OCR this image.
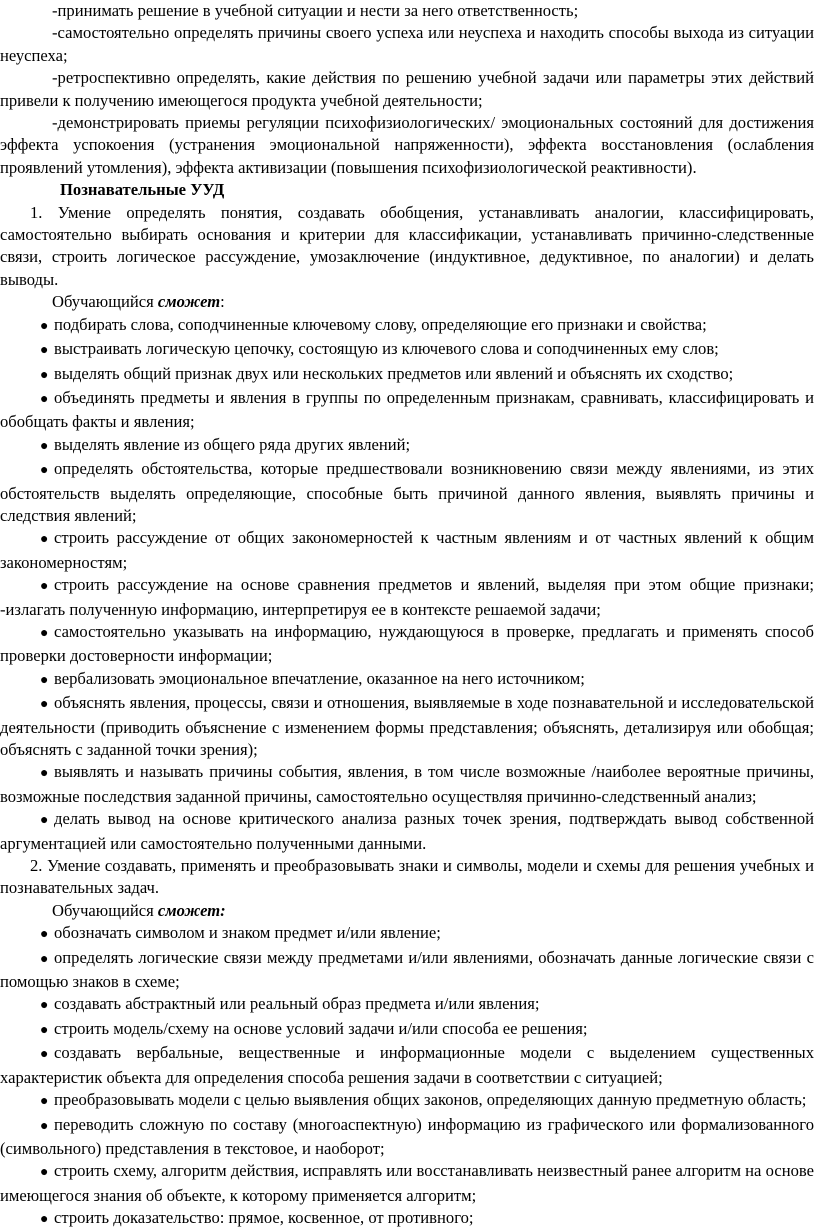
-принимать решение в учебной ситуации и нести за него ответственность;

-самостоятельно определять причины своего успеха или неуспеха и находить способы выхода из ситуации неуспеха;

-ретроспективно определять, какие действия по решению учебной задачи или параметры этих действий привели к получению имеющегося продукта учебной деятельности;

-демонстрировать приемы регуляции психофизиологических/ эмоциональных состояний для достижения эффекта успокоения (устранения эмоциональной напряженности), эффекта восстановления (ослабления проявлений утомления), эффекта активизации (повышения психофизиологической реактивности).

Познавательные УУД

1. Умение определять понятия, создавать обобщения, устанавливать аналогии, классифицировать, самостоятельно выбирать основания и критерии для классификации, устанавливать причинно-следственные связи, строить логическое рассуждение, умозаключение (индуктивное, дедуктивное, по аналогии) и делать выводы.

Обучающийся сможет:

● подбирать слова, соподчиненные ключевому слову, определяющие его признаки и свойства;

● выстраивать логическую цепочку, состоящую из ключевого слова и соподчиненных ему слов;

● выделять общий признак двух или нескольких предметов или явлений и объяснять их сходство;

● объединять предметы и явления в группы по определенным признакам, сравнивать, классифицировать и обобщать факты и явления;

● выделять явление из общего ряда других явлений;

● определять обстоятельства, которые предшествовали возникновению связи между явлениями, из этих обстоятельств выделять определяющие, способные быть причиной данного явления, выявлять причины и следствия явлений;

● строить рассуждение от общих закономерностей к частным явлениям и от частных явлений к общим закономерностям;

● строить рассуждение на основе сравнения предметов и явлений, выделяя при этом общие признаки; -излагать полученную информацию, интерпретируя ее в контексте решаемой задачи;

● самостоятельно указывать на информацию, нуждающуюся в проверке, предлагать и применять способ проверки достоверности информации;

● вербализовать эмоциональное впечатление, оказанное на него источником;

● объяснять явления, процессы, связи и отношения, выявляемые в ходе познавательной и исследовательской деятельности (приводить объяснение с изменением формы представления; объяснять, детализируя или обобщая; объяснять с заданной точки зрения);

● выявлять и называть причины события, явления, в том числе возможные /наиболее вероятные причины, возможные последствия заданной причины, самостоятельно осуществляя причинно-следственный анализ;

● делать вывод на основе критического анализа разных точек зрения, подтверждать вывод собственной аргументацией или самостоятельно полученными данными.

2. Умение создавать, применять и преобразовывать знаки и символы, модели и схемы для решения учебных и познавательных задач.

Обучающийся сможет:

● обозначать символом и знаком предмет и/или явление;

● определять логические связи между предметами и/или явлениями, обозначать данные логические связи с помощью знаков в схеме;

● создавать абстрактный или реальный образ предмета и/или явления;

● строить модель/схему на основе условий задачи и/или способа ее решения;

● создавать вербальные, вещественные и информационные модели с выделением существенных характеристик объекта для определения способа решения задачи в соответствии с ситуацией;

● преобразовывать модели с целью выявления общих законов, определяющих данную предметную область;

● переводить сложную по составу (многоаспектную) информацию из графического или формализованного (символьного) представления в текстовое, и наоборот;

● строить схему, алгоритм действия, исправлять или восстанавливать неизвестный ранее алгоритм на основе имеющегося знания об объекте, к которому применяется алгоритм;

● строить доказательство: прямое, косвенное, от противного;
